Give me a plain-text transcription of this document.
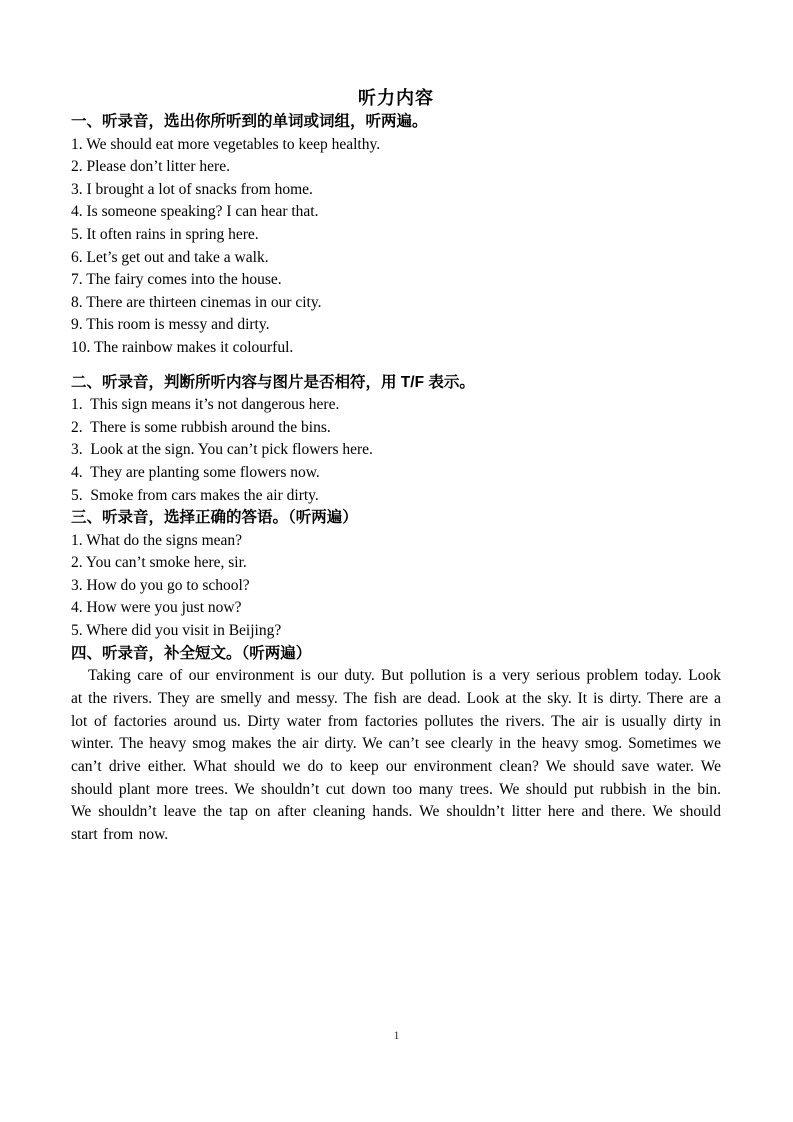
听力内容
一、听录音，选出你所听到的单词或词组，听两遍。
1. We should eat more vegetables to keep healthy.
2. Please don’t litter here.
3. I brought a lot of snacks from home.
4. Is someone speaking? I can hear that.
5. It often rains in spring here.
6. Let’s get out and take a walk.
7. The fairy comes into the house.
8. There are thirteen cinemas in our city.
9. This room is messy and dirty.
10. The rainbow makes it colourful.
二、听录音，判断所听内容与图片是否相符，用 T/F 表示。
1.  This sign means it’s not dangerous here.
2.  There is some rubbish around the bins.
3.  Look at the sign. You can’t pick flowers here.
4.  They are planting some flowers now.
5.  Smoke from cars makes the air dirty.
三、听录音，选择正确的答语。（听两遍）
1. What do the signs mean?
2. You can’t smoke here, sir.
3. How do you go to school?
4. How were you just now?
5. Where did you visit in Beijing?
四、听录音，补全短文。（听两遍）

Taking care of our environment is our duty. But pollution is a very serious problem today. Look at the rivers. They are smelly and messy. The fish are dead. Look at the sky. It is dirty. There are a lot of factories around us. Dirty water from factories pollutes the rivers. The air is usually dirty in winter. The heavy smog makes the air dirty. We can’t see clearly in the heavy smog. Sometimes we can’t drive either. What should we do to keep our environment clean? We should save water. We should plant more trees. We shouldn’t cut down too many trees. We should put rubbish in the bin. We shouldn’t leave the tap on after cleaning hands. We shouldn’t litter here and there. We should start from now.

1
